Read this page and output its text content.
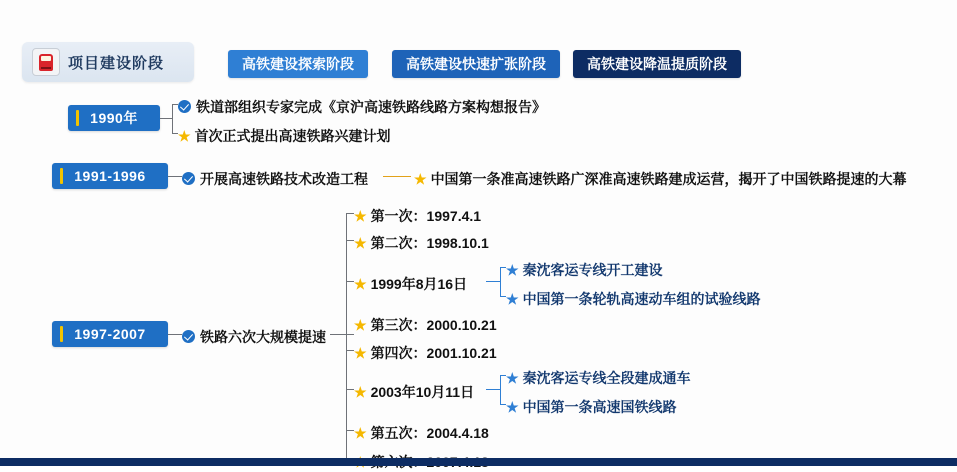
项目建设阶段	高铁建设探索阶段	高铁建设快速扩张阶段	高铁建设降温提质阶段
1990年
铁道部组织专家完成《京沪高速铁路线路方案构想报告》
★ 首次正式提出高速铁路兴建计划
1991-1996	开展高速铁路技术改造工程	★ 中国第一条准高速铁路广深准高速铁路建成运营，揭开了中国铁路提速的大幕
1997-2007	铁路六次大规模提速
★ 第一次：1997.4.1
★ 第二次：1998.10.1
★ 1999年8月16日
★ 秦沈客运专线开工建设
★ 中国第一条轮轨高速动车组的试验线路
★ 第三次：2000.10.21
★ 第四次：2001.10.21
★ 2003年10月11日
★ 秦沈客运专线全段建成通车
★ 中国第一条高速国铁线路
★ 第五次：2004.4.18
